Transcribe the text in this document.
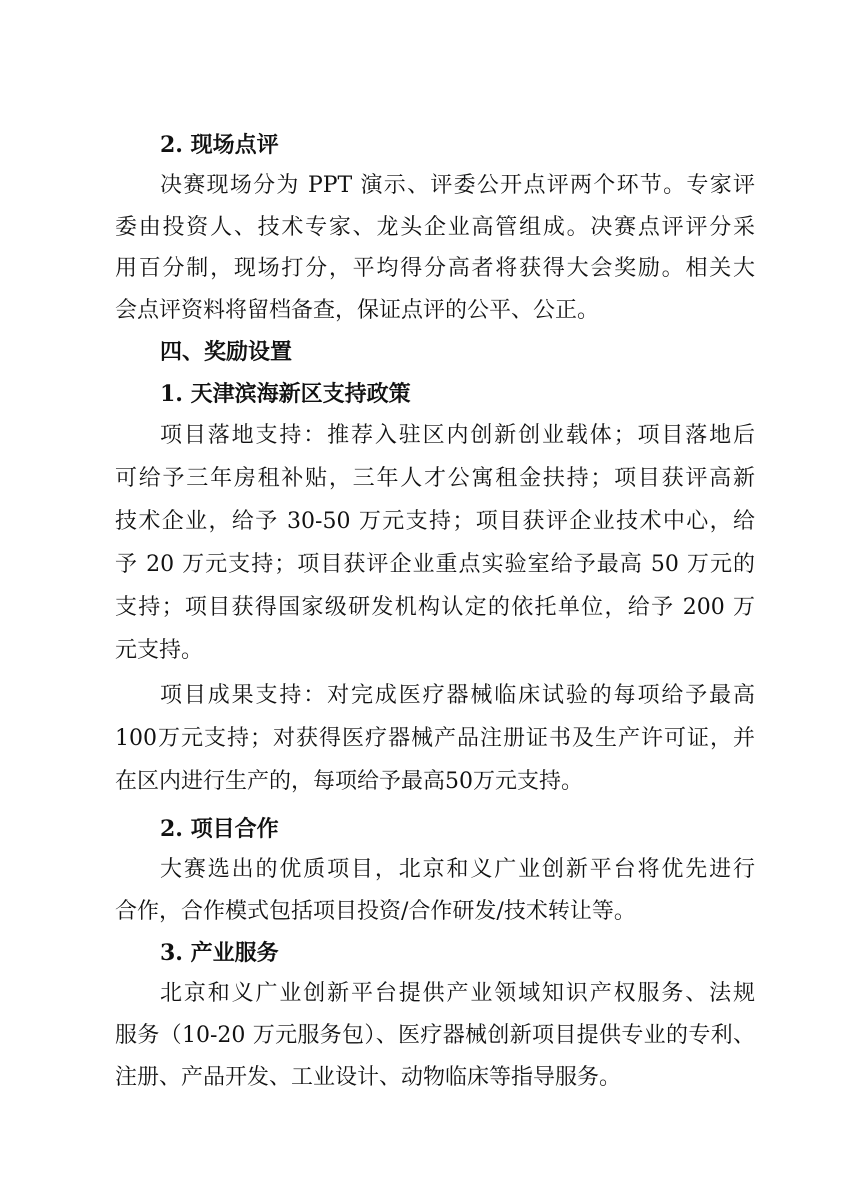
2. 现场点评
决赛现场分为 PPT 演示、评委公开点评两个环节。专家评
委由投资人、技术专家、龙头企业高管组成。决赛点评评分采
用百分制，现场打分，平均得分高者将获得大会奖励。相关大
会点评资料将留档备查，保证点评的公平、公正。
四、奖励设置
1. 天津滨海新区支持政策
项目落地支持：推荐入驻区内创新创业载体；项目落地后
可给予三年房租补贴，三年人才公寓租金扶持；项目获评高新
技术企业，给予 30-50 万元支持；项目获评企业技术中心，给
予 20 万元支持；项目获评企业重点实验室给予最高 50 万元的
支持；项目获得国家级研发机构认定的依托单位，给予 200 万
元支持。
项目成果支持：对完成医疗器械临床试验的每项给予最高
100万元支持；对获得医疗器械产品注册证书及生产许可证，并
在区内进行生产的，每项给予最高50万元支持。
2. 项目合作
大赛选出的优质项目，北京和义广业创新平台将优先进行
合作，合作模式包括项目投资/合作研发/技术转让等。
3. 产业服务
北京和义广业创新平台提供产业领域知识产权服务、法规
服务（10-20 万元服务包）、医疗器械创新项目提供专业的专利、
注册、产品开发、工业设计、动物临床等指导服务。
